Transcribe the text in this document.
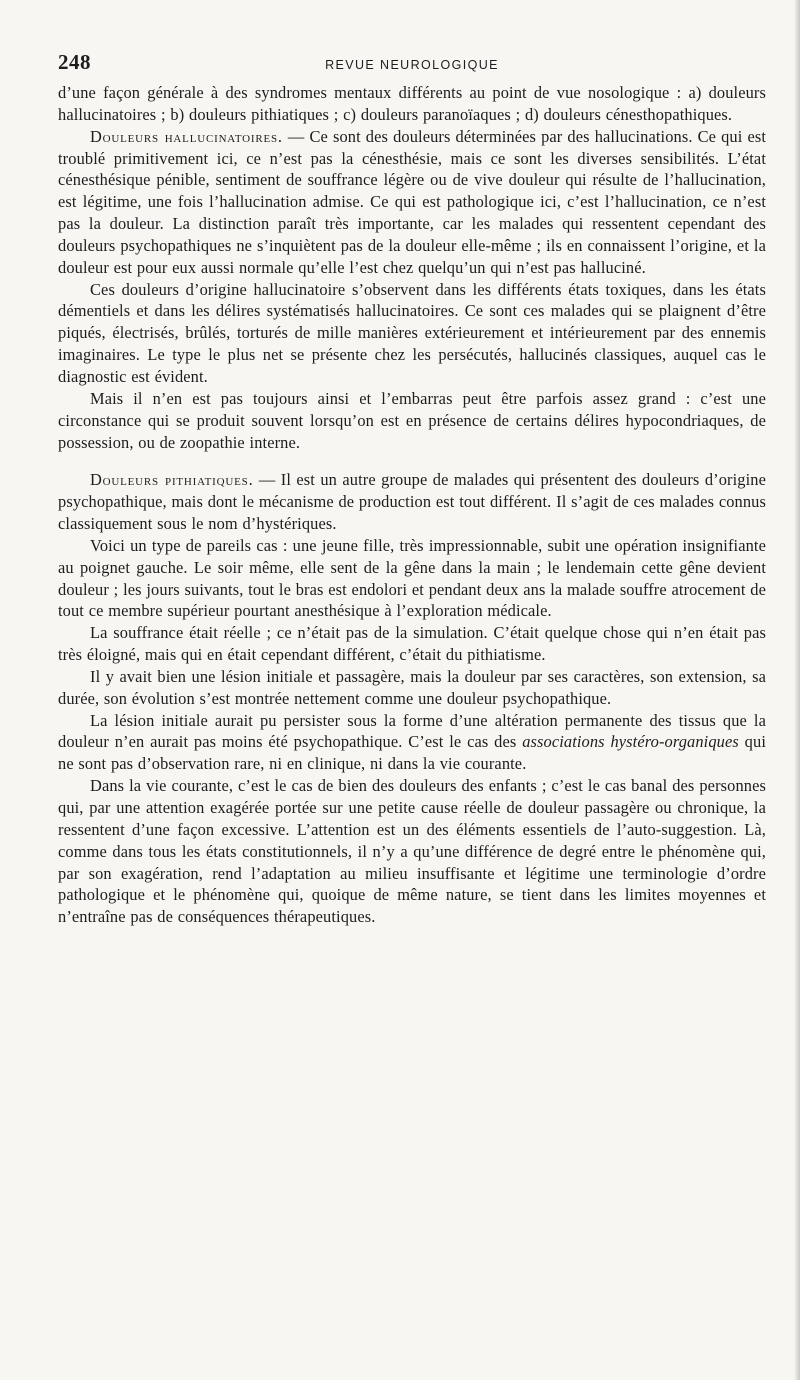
248	REVUE NEUROLOGIQUE

d’une façon générale à des syndromes mentaux différents au point de vue nosologique : a) douleurs hallucinatoires ; b) douleurs pithiatiques ; c) douleurs paranoïaques ; d) douleurs cénesthopathiques.

Douleurs hallucinatoires. — Ce sont des douleurs déterminées par des hallucinations. Ce qui est troublé primitivement ici, ce n’est pas la cénesthésie, mais ce sont les diverses sensibilités. L’état cénesthésique pénible, sentiment de souffrance légère ou de vive douleur qui résulte de l’hallucination, est légitime, une fois l’hallucination admise. Ce qui est pathologique ici, c’est l’hallucination, ce n’est pas la douleur. La distinction paraît très importante, car les malades qui ressentent cependant des douleurs psychopathiques ne s’inquiètent pas de la douleur elle-même ; ils en connaissent l’origine, et la douleur est pour eux aussi normale qu’elle l’est chez quelqu’un qui n’est pas halluciné.

Ces douleurs d’origine hallucinatoire s’observent dans les différents états toxiques, dans les états démentiels et dans les délires systématisés hallucinatoires. Ce sont ces malades qui se plaignent d’être piqués, électrisés, brûlés, torturés de mille manières extérieurement et intérieurement par des ennemis imaginaires. Le type le plus net se présente chez les persécutés, hallucinés classiques, auquel cas le diagnostic est évident.

Mais il n’en est pas toujours ainsi et l’embarras peut être parfois assez grand : c’est une circonstance qui se produit souvent lorsqu’on est en présence de certains délires hypocondriaques, de possession, ou de zoopathie interne.

Douleurs pithiatiques. — Il est un autre groupe de malades qui présentent des douleurs d’origine psychopathique, mais dont le mécanisme de production est tout différent. Il s’agit de ces malades connus classiquement sous le nom d’hystériques.

Voici un type de pareils cas : une jeune fille, très impressionnable, subit une opération insignifiante au poignet gauche. Le soir même, elle sent de la gêne dans la main ; le lendemain cette gêne devient douleur ; les jours suivants, tout le bras est endolori et pendant deux ans la malade souffre atrocement de tout ce membre supérieur pourtant anesthésique à l’exploration médicale.

La souffrance était réelle ; ce n’était pas de la simulation. C’était quelque chose qui n’en était pas très éloigné, mais qui en était cependant différent, c’était du pithiatisme.

Il y avait bien une lésion initiale et passagère, mais la douleur par ses caractères, son extension, sa durée, son évolution s’est montrée nettement comme une douleur psychopathique.

La lésion initiale aurait pu persister sous la forme d’une altération permanente des tissus que la douleur n’en aurait pas moins été psychopathique. C’est le cas des associations hystéro-organiques qui ne sont pas d’observation rare, ni en clinique, ni dans la vie courante.

Dans la vie courante, c’est le cas de bien des douleurs des enfants ; c’est le cas banal des personnes qui, par une attention exagérée portée sur une petite cause réelle de douleur passagère ou chronique, la ressentent d’une façon excessive. L’attention est un des éléments essentiels de l’auto-suggestion. Là, comme dans tous les états constitutionnels, il n’y a qu’une différence de degré entre le phénomène qui, par son exagération, rend l’adaptation au milieu insuffisante et légitime une terminologie d’ordre pathologique et le phénomène qui, quoique de même nature, se tient dans les limites moyennes et n’entraîne pas de conséquences thérapeutiques.
